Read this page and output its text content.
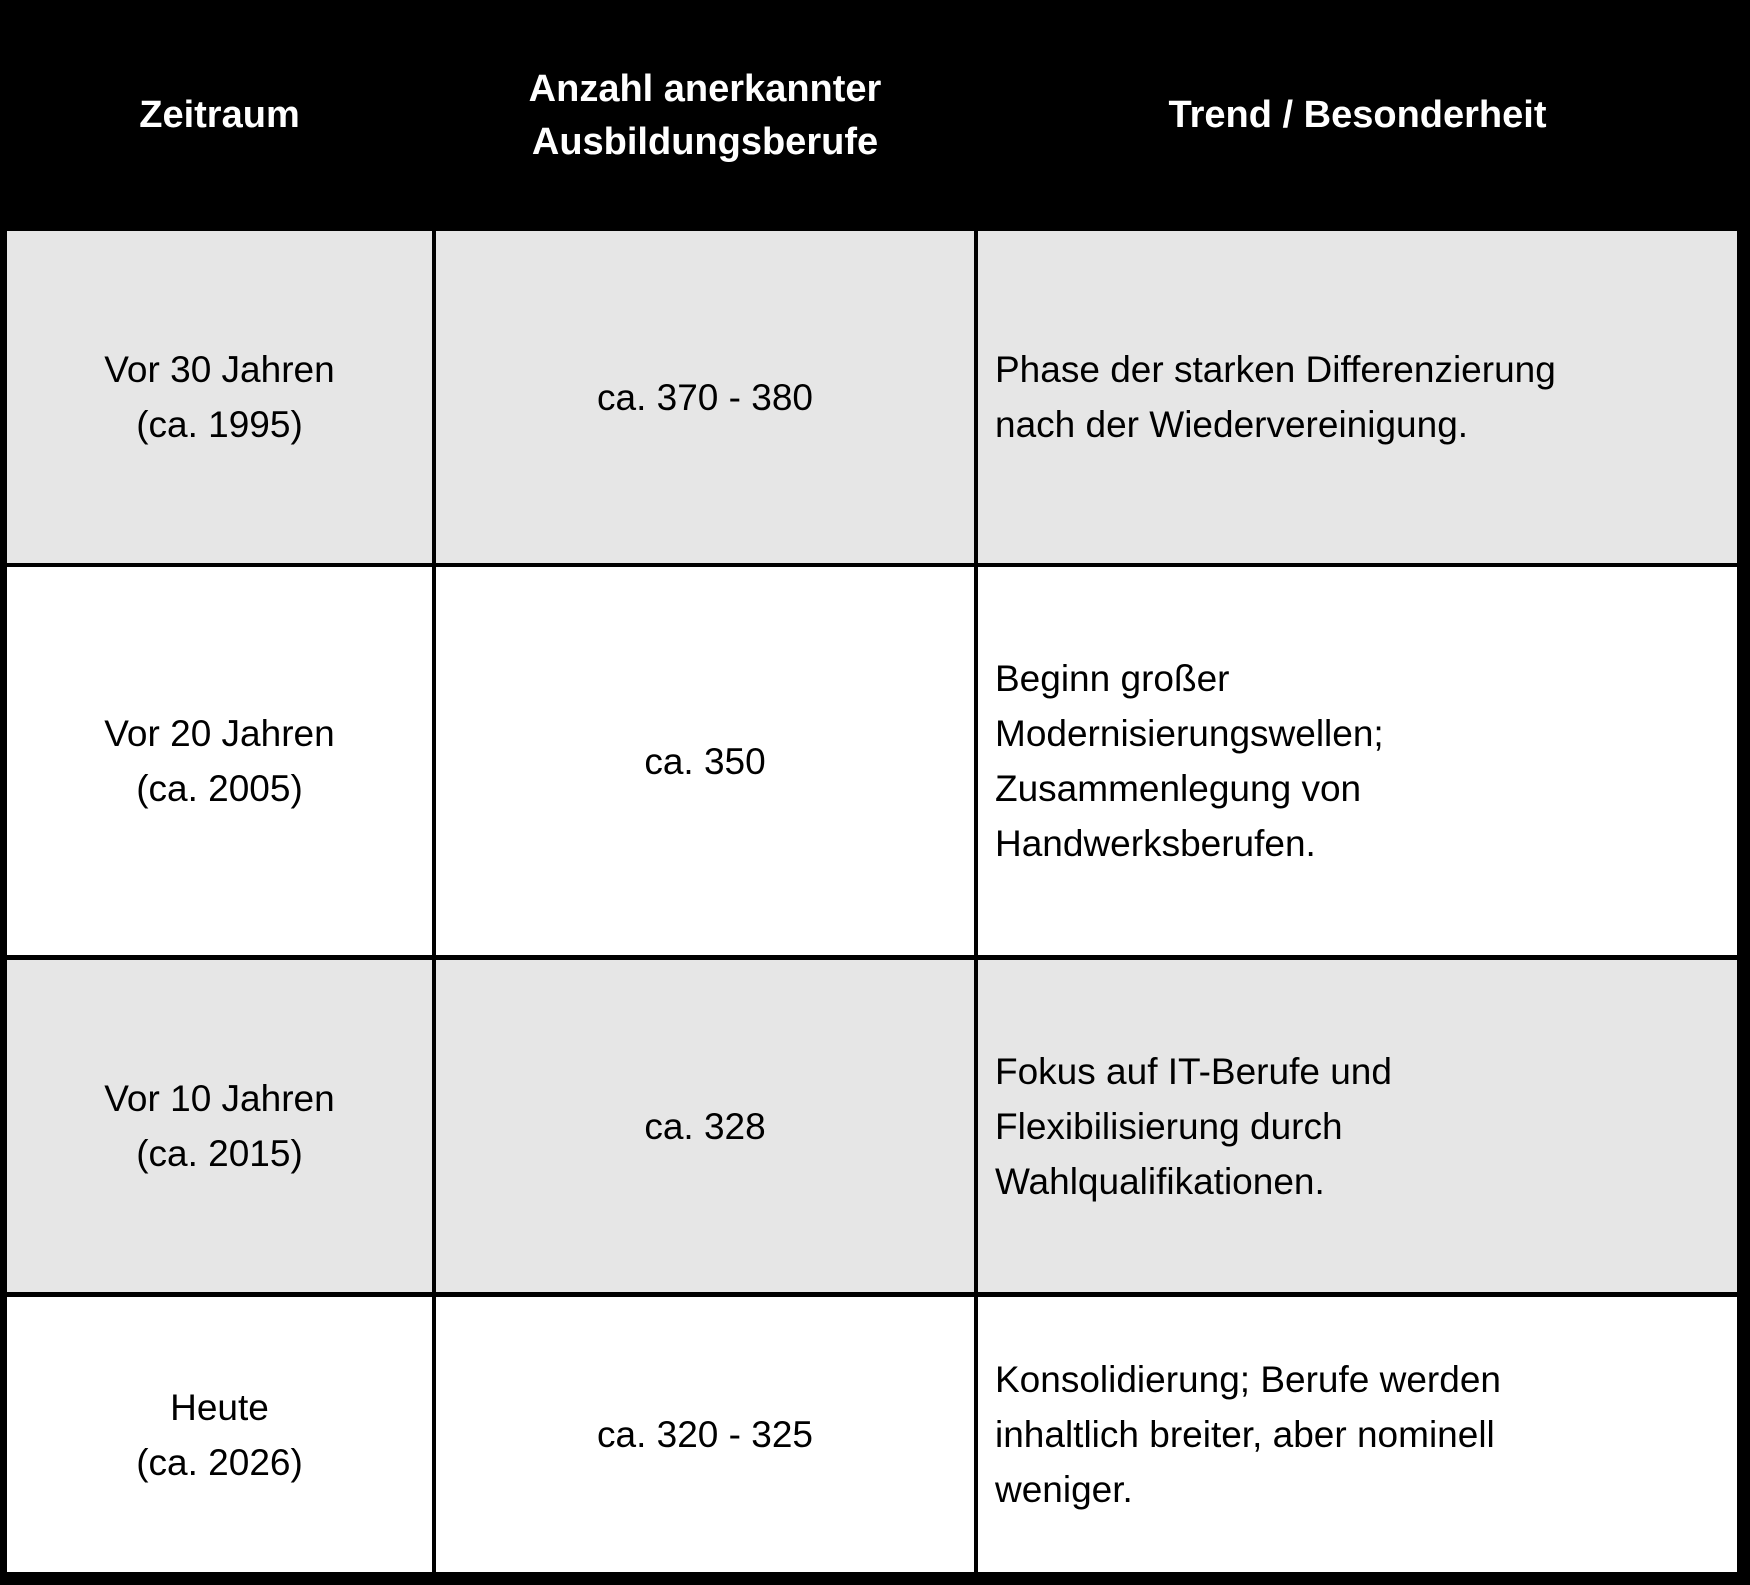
Zeitraum
Anzahl anerkannter
Ausbildungsberufe
Trend / Besonderheit
Vor 30 Jahren
(ca. 1995)
ca. 370 - 380
Phase der starken Differenzierung
nach der Wiedervereinigung.
Vor 20 Jahren
(ca. 2005)
ca. 350
Beginn großer
Modernisierungswellen;
Zusammenlegung von
Handwerksberufen.
Vor 10 Jahren
(ca. 2015)
ca. 328
Fokus auf IT-Berufe und
Flexibilisierung durch
Wahlqualifikationen.
Heute
(ca. 2026)
ca. 320 - 325
Konsolidierung; Berufe werden
inhaltlich breiter, aber nominell
weniger.
